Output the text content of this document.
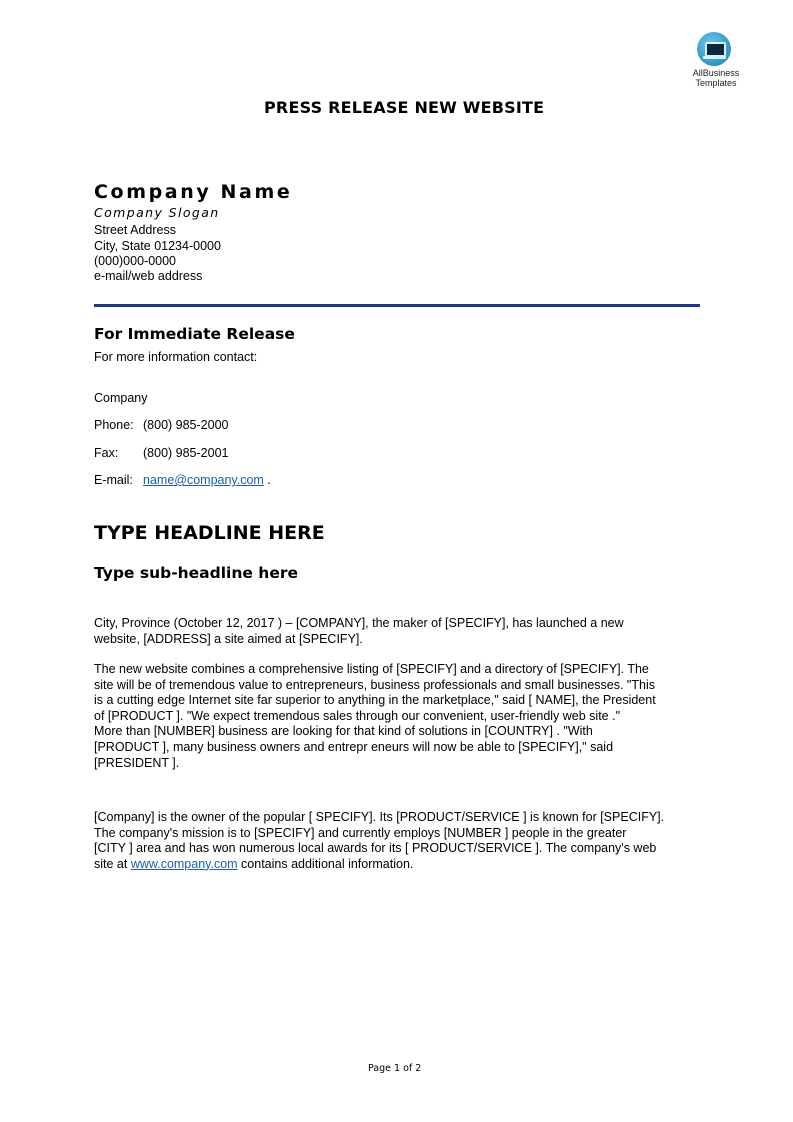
AllBusiness
Templates
PRESS RELEASE NEW WEBSITE
Company Name
Company Slogan
Street Address
City, State 01234-0000
(000)000-0000
e-mail/web address
For Immediate Release
For more information contact:
Company
Phone: (800) 985-2000
Fax: (800) 985-2001
E-mail: name@company.com .
TYPE HEADLINE HERE
Type sub-headline here
City, Province (October 12, 2017 ) – [COMPANY], the maker of [SPECIFY], has launched a new
website, [ADDRESS] a site aimed at [SPECIFY].
The new website combines a comprehensive listing of [SPECIFY] and a directory of [SPECIFY]. The
site will be of tremendous value to entrepreneurs, business professionals and small businesses. "This
is a cutting edge Internet site far superior to anything in the marketplace," said [ NAME], the President
of [PRODUCT ]. "We expect tremendous sales through our convenient, user-friendly web site ."
More than [NUMBER] business are looking for that kind of solutions in [COUNTRY] . "With
[PRODUCT ], many business owners and entrepr eneurs will now be able to [SPECIFY]," said
[PRESIDENT ].
[Company] is the owner of the popular [ SPECIFY]. Its [PRODUCT/SERVICE ] is known for [SPECIFY].
The company's mission is to [SPECIFY] and currently employs [NUMBER ] people in the greater
[CITY ] area and has won numerous local awards for its [ PRODUCT/SERVICE ]. The company's web
site at www.company.com contains additional information.
Page 1 of 2
